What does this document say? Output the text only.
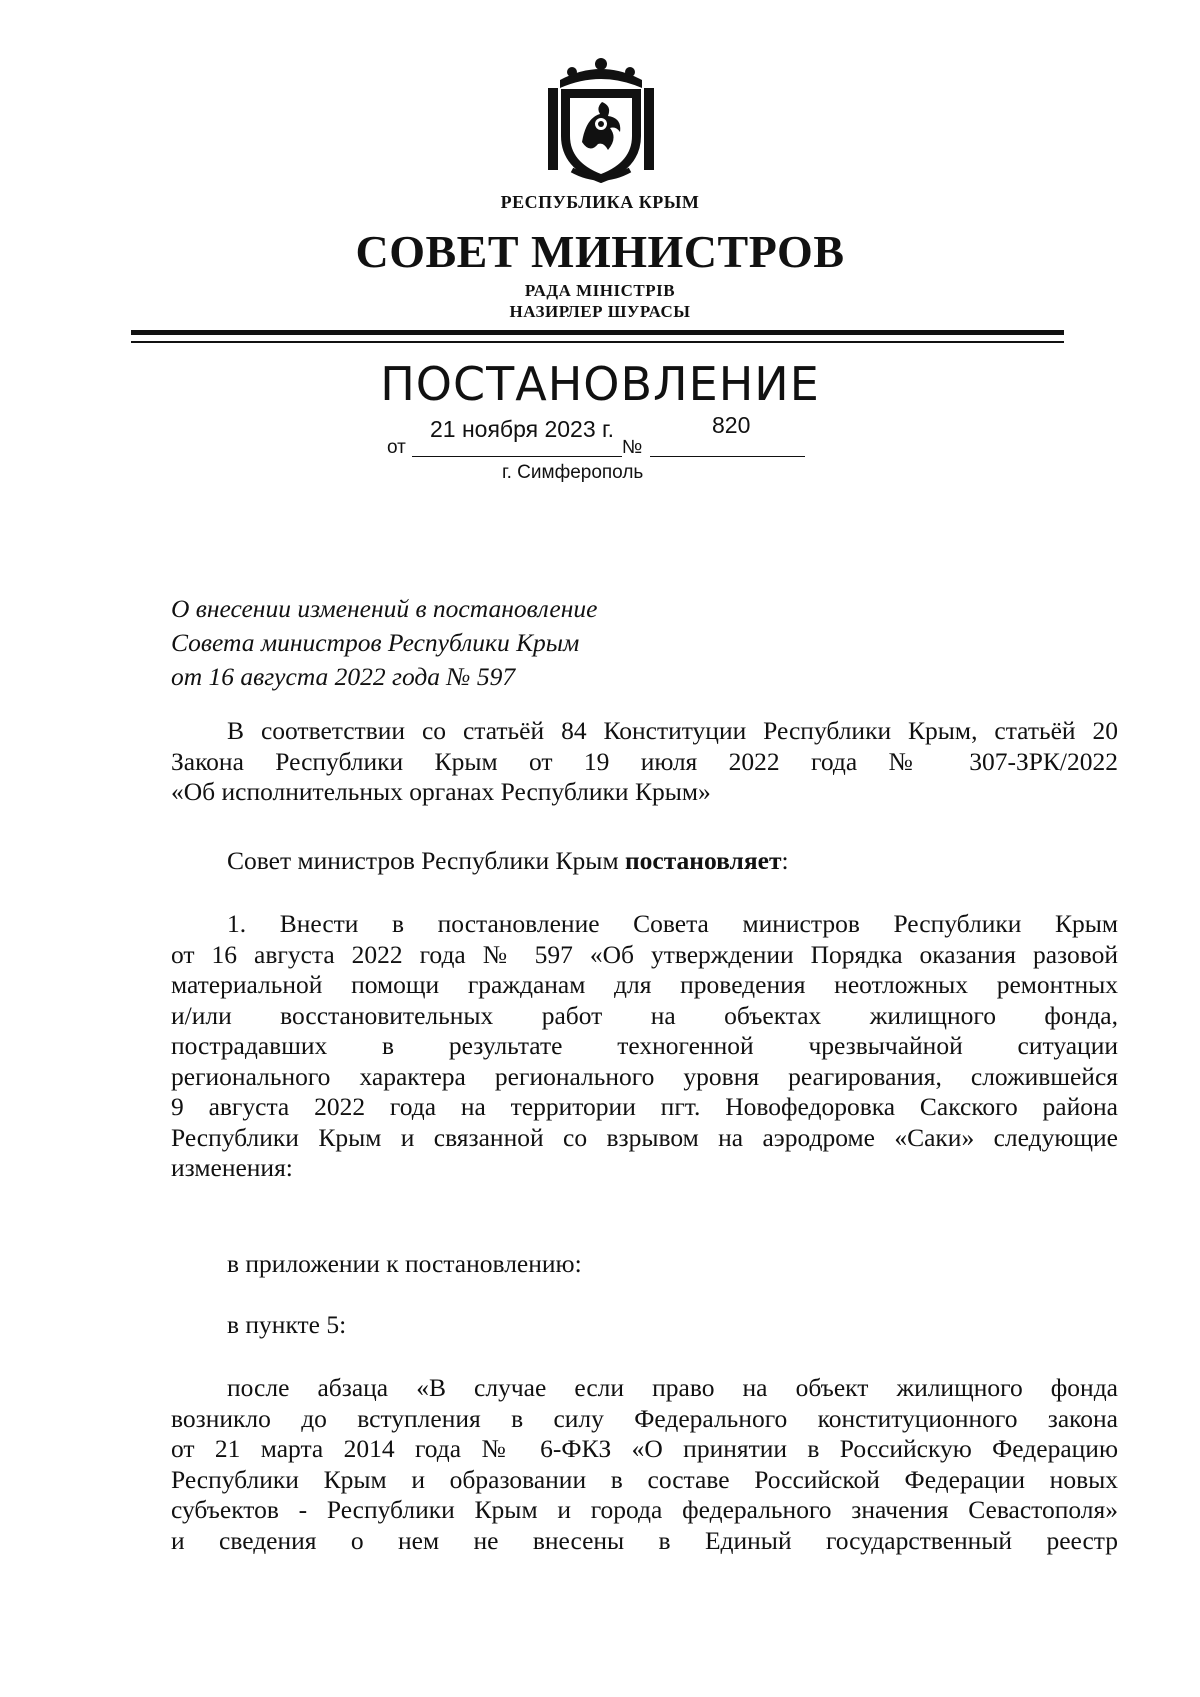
РЕСПУБЛИКА КРЫМ
СОВЕТ МИНИСТРОВ
РАДА МІНІСТРІВ
НАЗИРЛЕР ШУРАСЫ
ПОСТАНОВЛЕНИЕ
от	№
21 ноября 2023 г.	820
г. Симферополь
О внесении изменений в постановление
Совета министров Республики Крым
от 16 августа 2022 года № 597
В соответствии со статьёй 84 Конституции Республики Крым, статьёй 20
Закона Республики Крым от 19 июля 2022 года № 307-ЗРК/2022
«Об исполнительных органах Республики Крым»
Совет министров Республики Крым постановляет:
1. Внести в постановление Совета министров Республики Крым
от 16 августа 2022 года № 597 «Об утверждении Порядка оказания разовой
материальной помощи гражданам для проведения неотложных ремонтных
и/или восстановительных работ на объектах жилищного фонда,
пострадавших в результате техногенной чрезвычайной ситуации
регионального характера регионального уровня реагирования, сложившейся
9 августа 2022 года на территории пгт. Новофедоровка Сакского района
Республики Крым и связанной со взрывом на аэродроме «Саки» следующие
изменения:
в приложении к постановлению:
в пункте 5:
после абзаца «В случае если право на объект жилищного фонда
возникло до вступления в силу Федерального конституционного закона
от 21 марта 2014 года № 6-ФКЗ «О принятии в Российскую Федерацию
Республики Крым и образовании в составе Российской Федерации новых
субъектов - Республики Крым и города федерального значения Севастополя»
и сведения о нем не внесены в Единый государственный реестр
